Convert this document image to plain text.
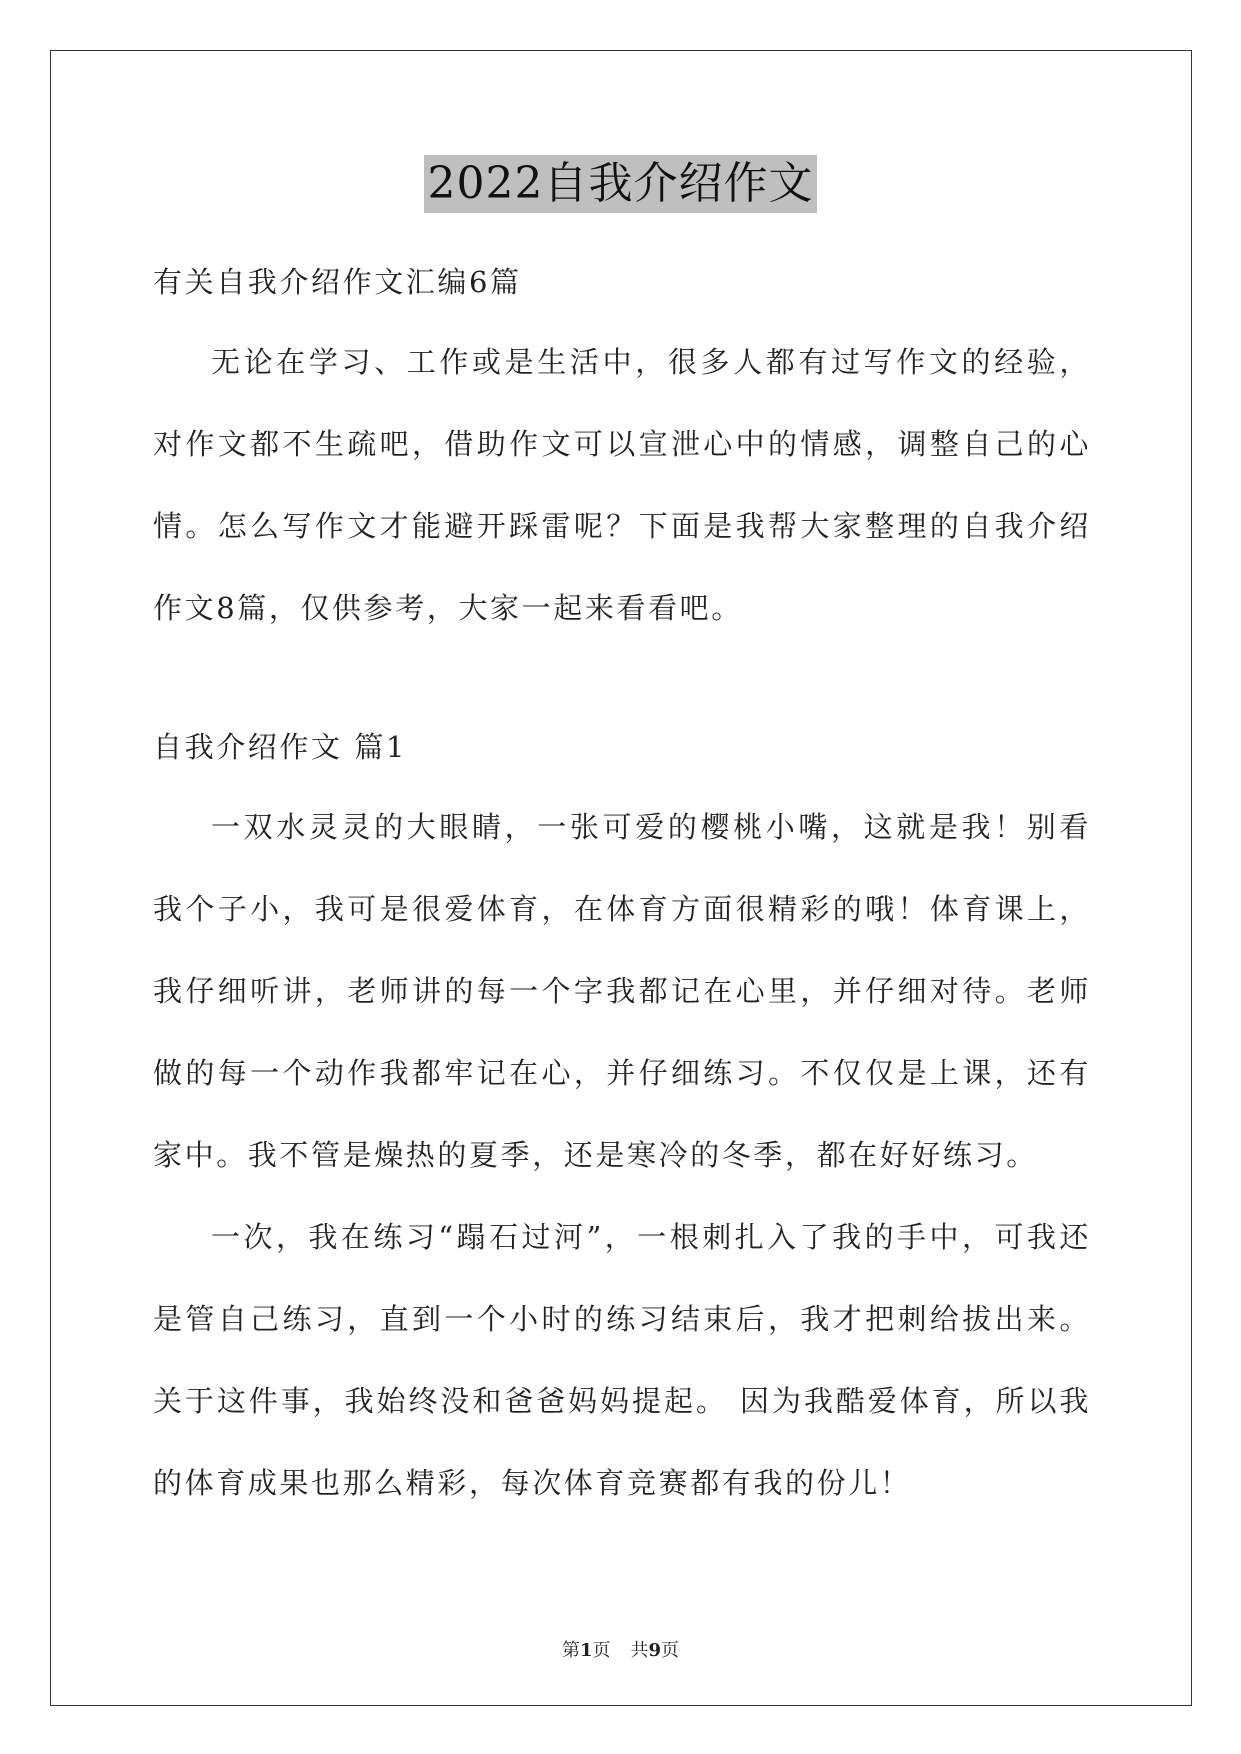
2022自我介绍作文

有关自我介绍作文汇编6篇

无论在学习、工作或是生活中，很多人都有过写作文的经验，对作文都不生疏吧，借助作文可以宣泄心中的情感，调整自己的心情。怎么写作文才能避开踩雷呢？下面是我帮大家整理的自我介绍作文8篇，仅供参考，大家一起来看看吧。

自我介绍作文 篇1

一双水灵灵的大眼睛，一张可爱的樱桃小嘴，这就是我！别看我个子小，我可是很爱体育，在体育方面很精彩的哦！体育课上，我仔细听讲，老师讲的每一个字我都记在心里，并仔细对待。老师做的每一个动作我都牢记在心，并仔细练习。不仅仅是上课，还有家中。我不管是燥热的夏季，还是寒冷的冬季，都在好好练习。

一次，我在练习“蹋石过河”，一根刺扎入了我的手中，可我还是管自己练习，直到一个小时的练习结束后，我才把刺给拔出来。关于这件事，我始终没和爸爸妈妈提起。 因为我酷爱体育，所以我的体育成果也那么精彩，每次体育竞赛都有我的份儿！

第1页 共9页
